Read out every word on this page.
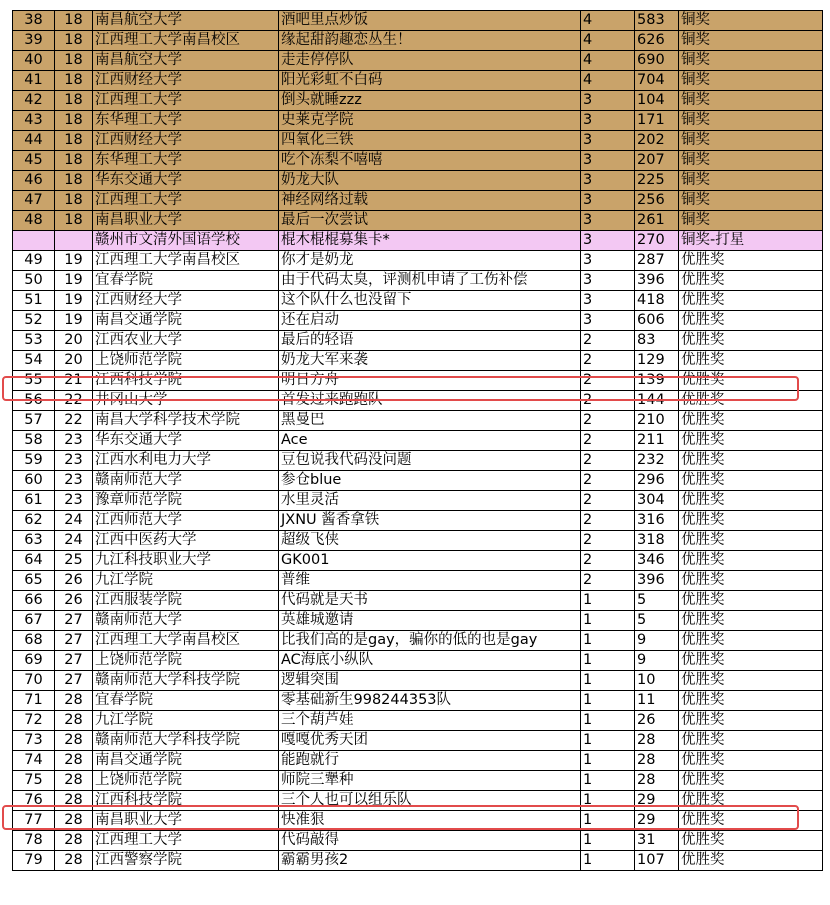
38	18	南昌航空大学	酒吧里点炒饭	4	583	铜奖
39	18	江西理工大学南昌校区	缘起甜韵趣恋丛生！	4	626	铜奖
40	18	南昌航空大学	走走停停队	4	690	铜奖
41	18	江西财经大学	阳光彩虹不白码	4	704	铜奖
42	18	江西理工大学	倒头就睡zzz	3	104	铜奖
43	18	东华理工大学	史莱克学院	3	171	铜奖
44	18	江西财经大学	四氧化三铁	3	202	铜奖
45	18	东华理工大学	吃个冻梨不嘻嘻	3	207	铜奖
46	18	华东交通大学	奶龙大队	3	225	铜奖
47	18	江西理工大学	神经网络过载	3	256	铜奖
48	18	南昌职业大学	最后一次尝试	3	261	铜奖
		赣州市文清外国语学校	棍木棍棍募集卡*	3	270	铜奖-打星
49	19	江西理工大学南昌校区	你才是奶龙	3	287	优胜奖
50	19	宜春学院	由于代码太臭，评测机申请了工伤补偿	3	396	优胜奖
51	19	江西财经大学	这个队什么也没留下	3	418	优胜奖
52	19	南昌交通学院	还在启动	3	606	优胜奖
53	20	江西农业大学	最后的轻语	2	83	优胜奖
54	20	上饶师范学院	奶龙大军来袭	2	129	优胜奖
55	21	江西科技学院	明日方舟	2	139	优胜奖
56	22	井冈山大学	首发过来跑跑队	2	144	优胜奖
57	22	南昌大学科学技术学院	黑曼巴	2	210	优胜奖
58	23	华东交通大学	Ace	2	211	优胜奖
59	23	江西水利电力大学	豆包说我代码没问题	2	232	优胜奖
60	23	赣南师范大学	参仓blue	2	296	优胜奖
61	23	豫章师范学院	水里灵活	2	304	优胜奖
62	24	江西师范大学	JXNU 酱香拿铁	2	316	优胜奖
63	24	江西中医药大学	超级飞侠	2	318	优胜奖
64	25	九江科技职业大学	GK001	2	346	优胜奖
65	26	九江学院	普维	2	396	优胜奖
66	26	江西服装学院	代码就是天书	1	5	优胜奖
67	27	赣南师范大学	英雄城邀请	1	5	优胜奖
68	27	江西理工大学南昌校区	比我们高的是gay，骗你的低的也是gay	1	9	优胜奖
69	27	上饶师范学院	AC海底小纵队	1	9	优胜奖
70	27	赣南师范大学科技学院	逻辑突围	1	10	优胜奖
71	28	宜春学院	零基础新生998244353队	1	11	优胜奖
72	28	九江学院	三个葫芦娃	1	26	优胜奖
73	28	赣南师范大学科技学院	嘎嘎优秀天团	1	28	优胜奖
74	28	南昌交通学院	能跑就行	1	28	优胜奖
75	28	上饶师范学院	师院三犟种	1	28	优胜奖
76	28	江西科技学院	三个人也可以组乐队	1	29	优胜奖
77	28	南昌职业大学	快准狠	1	29	优胜奖
78	28	江西理工大学	代码敲得	1	31	优胜奖
79	28	江西警察学院	霸霸男孩2	1	107	优胜奖
